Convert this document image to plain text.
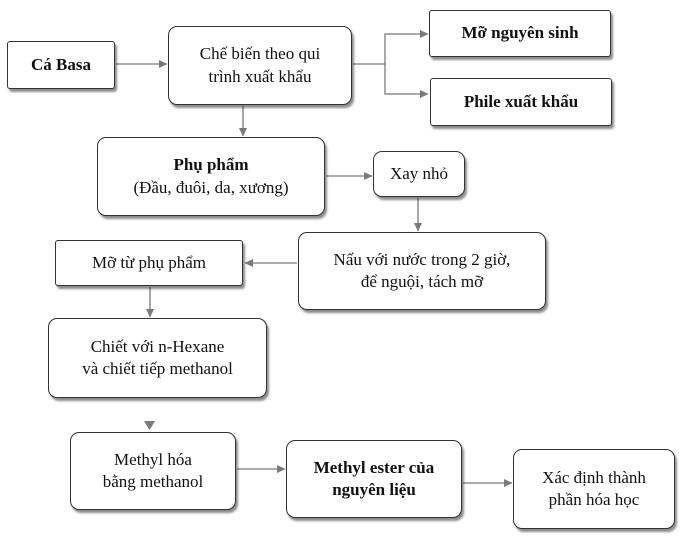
Cá Basa
Chế biến theo qui
trình xuất khẩu
Mỡ nguyên sinh
Phile xuất khẩu
Phụ phẩm
(Đầu, đuôi, da, xương)
Xay nhỏ
Nấu với nước trong 2 giờ,
để nguội, tách mỡ
Mỡ từ phụ phẩm
Chiết với n-Hexane
và chiết tiếp methanol
Methyl hóa
bằng methanol
Methyl ester của
nguyên liệu
Xác định thành
phần hóa học
